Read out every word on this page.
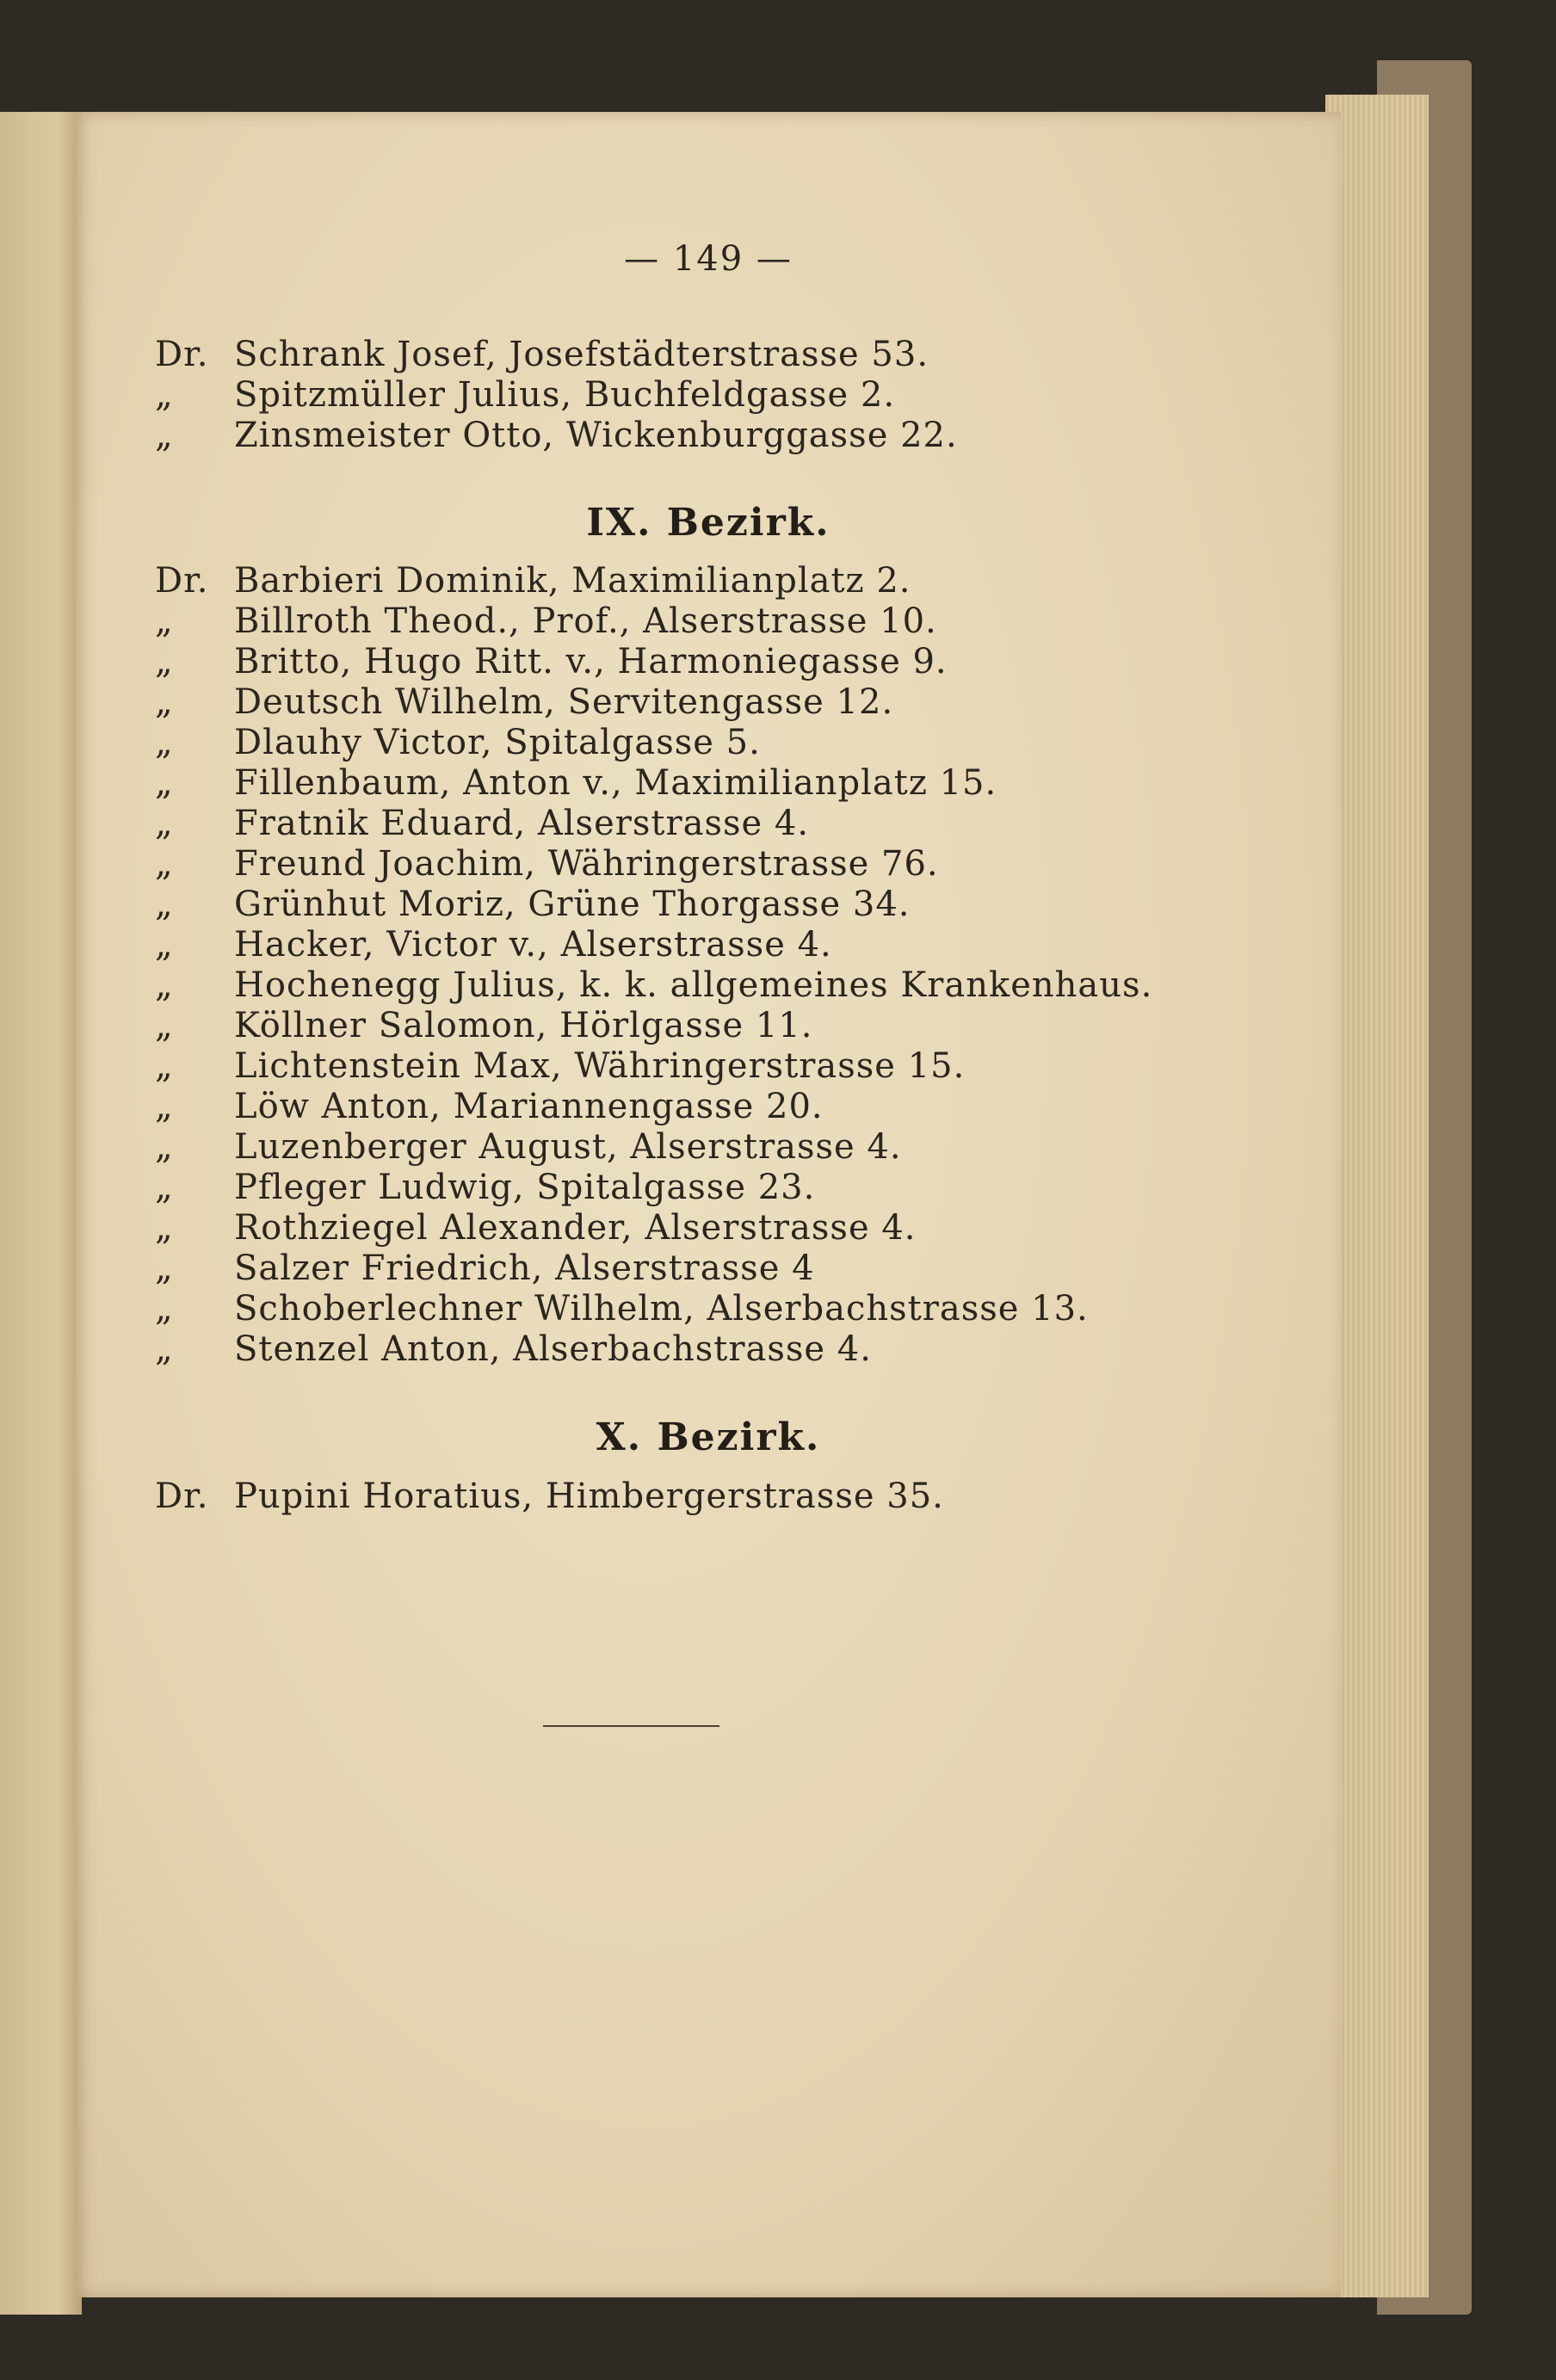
— 149 —
Dr. Schrank Josef, Josefstädterstrasse 53.
„ Spitzmüller Julius, Buchfeldgasse 2.
„ Zinsmeister Otto, Wickenburggasse 22.
IX. Bezirk.
Dr. Barbieri Dominik, Maximilianplatz 2.
„ Billroth Theod., Prof., Alserstrasse 10.
„ Britto, Hugo Ritt. v., Harmoniegasse 9.
„ Deutsch Wilhelm, Servitengasse 12.
„ Dlauhy Victor, Spitalgasse 5.
„ Fillenbaum, Anton v., Maximilianplatz 15.
„ Fratnik Eduard, Alserstrasse 4.
„ Freund Joachim, Währingerstrasse 76.
„ Grünhut Moriz, Grüne Thorgasse 34.
„ Hacker, Victor v., Alserstrasse 4.
„ Hochenegg Julius, k. k. allgemeines Krankenhaus.
„ Köllner Salomon, Hörlgasse 11.
„ Lichtenstein Max, Währingerstrasse 15.
„ Löw Anton, Mariannengasse 20.
„ Luzenberger August, Alserstrasse 4.
„ Pfleger Ludwig, Spitalgasse 23.
„ Rothziegel Alexander, Alserstrasse 4.
„ Salzer Friedrich, Alserstrasse 4
„ Schoberlechner Wilhelm, Alserbachstrasse 13.
„ Stenzel Anton, Alserbachstrasse 4.
X. Bezirk.
Dr. Pupini Horatius, Himbergerstrasse 35.
